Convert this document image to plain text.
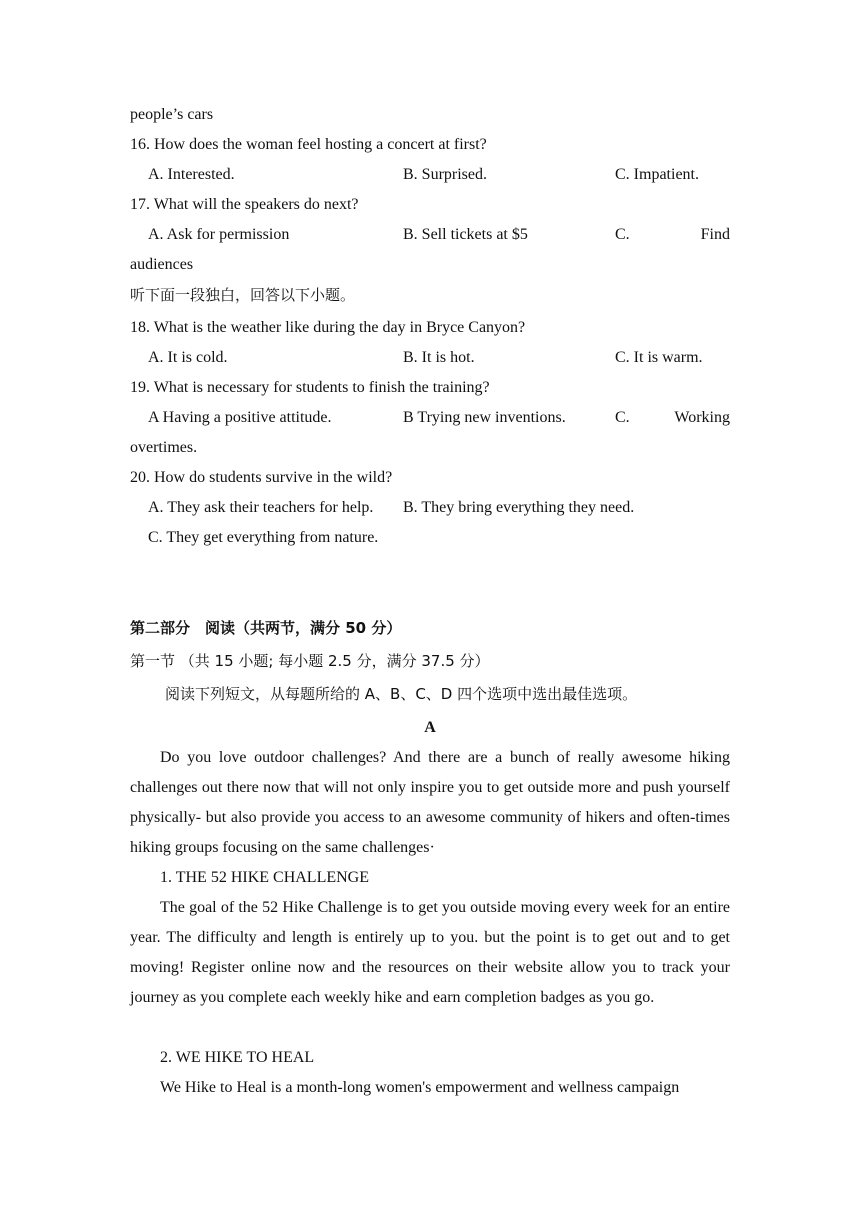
people’s cars
16. How does the woman feel hosting a concert at first?
A. Interested.	B. Surprised.	C. Impatient.
17. What will the speakers do next?
A. Ask for permission	B. Sell tickets at $5	C.	Find
audiences
听下面一段独白，回答以下小题。
18. What is the weather like during the day in Bryce Canyon?
A. It is cold.	B. It is hot.	C. It is warm.
19. What is necessary for students to finish the training?
A Having a positive attitude.	B Trying new inventions.	C.	Working
overtimes.
20. How do students survive in the wild?
A. They ask their teachers for help. B. They bring everything they need.
C. They get everything from nature.
第二部分　阅读（共两节，满分 50 分）
第一节 （共 15 小题; 每小题 2.5 分，满分 37.5 分）
阅读下列短文，从每题所给的 A、B、C、D 四个选项中选出最佳选项。
A
Do you love outdoor challenges? And there are a bunch of really awesome hiking challenges out there now that will not only inspire you to get outside more and push yourself physically- but also provide you access to an awesome community of hikers and often-times hiking groups focusing on the same challenges·
1. THE 52 HIKE CHALLENGE
The goal of the 52 Hike Challenge is to get you outside moving every week for an entire year. The difficulty and length is entirely up to you. but the point is to get out and to get moving! Register online now and the resources on their website allow you to track your journey as you complete each weekly hike and earn completion badges as you go.
2. WE HIKE TO HEAL
We Hike to Heal is a month-long women's empowerment and wellness campaign
